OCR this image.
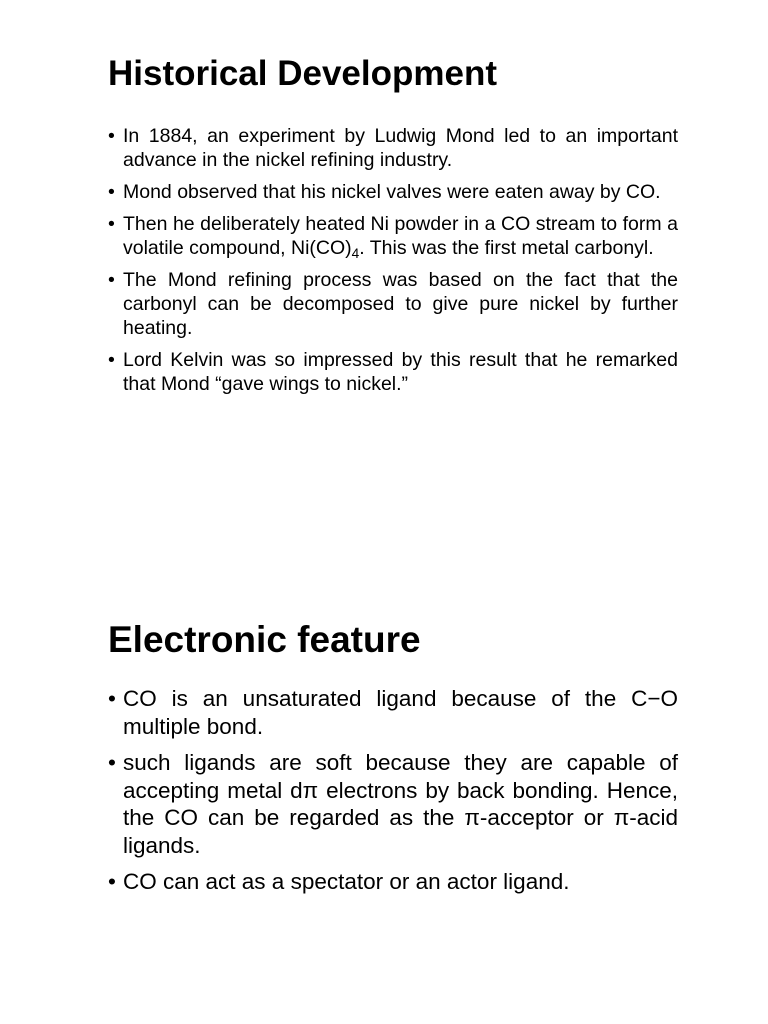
Historical Development
• In 1884, an experiment by Ludwig Mond led to an important advance in the nickel refining industry.
• Mond observed that his nickel valves were eaten away by CO.
• Then he deliberately heated Ni powder in a CO stream to form a volatile compound, $Ni(CO)_4$. This was the first metal carbonyl.
• The Mond refining process was based on the fact that the carbonyl can be decomposed to give pure nickel by further heating.
• Lord Kelvin was so impressed by this result that he remarked that Mond “gave wings to nickel.”
Electronic feature
• CO is an unsaturated ligand because of the C−O multiple bond.
• such ligands are soft because they are capable of accepting metal dπ electrons by back bonding. Hence, the CO can be regarded as the π-acceptor or π-acid ligands.
• CO can act as a spectator or an actor ligand.
